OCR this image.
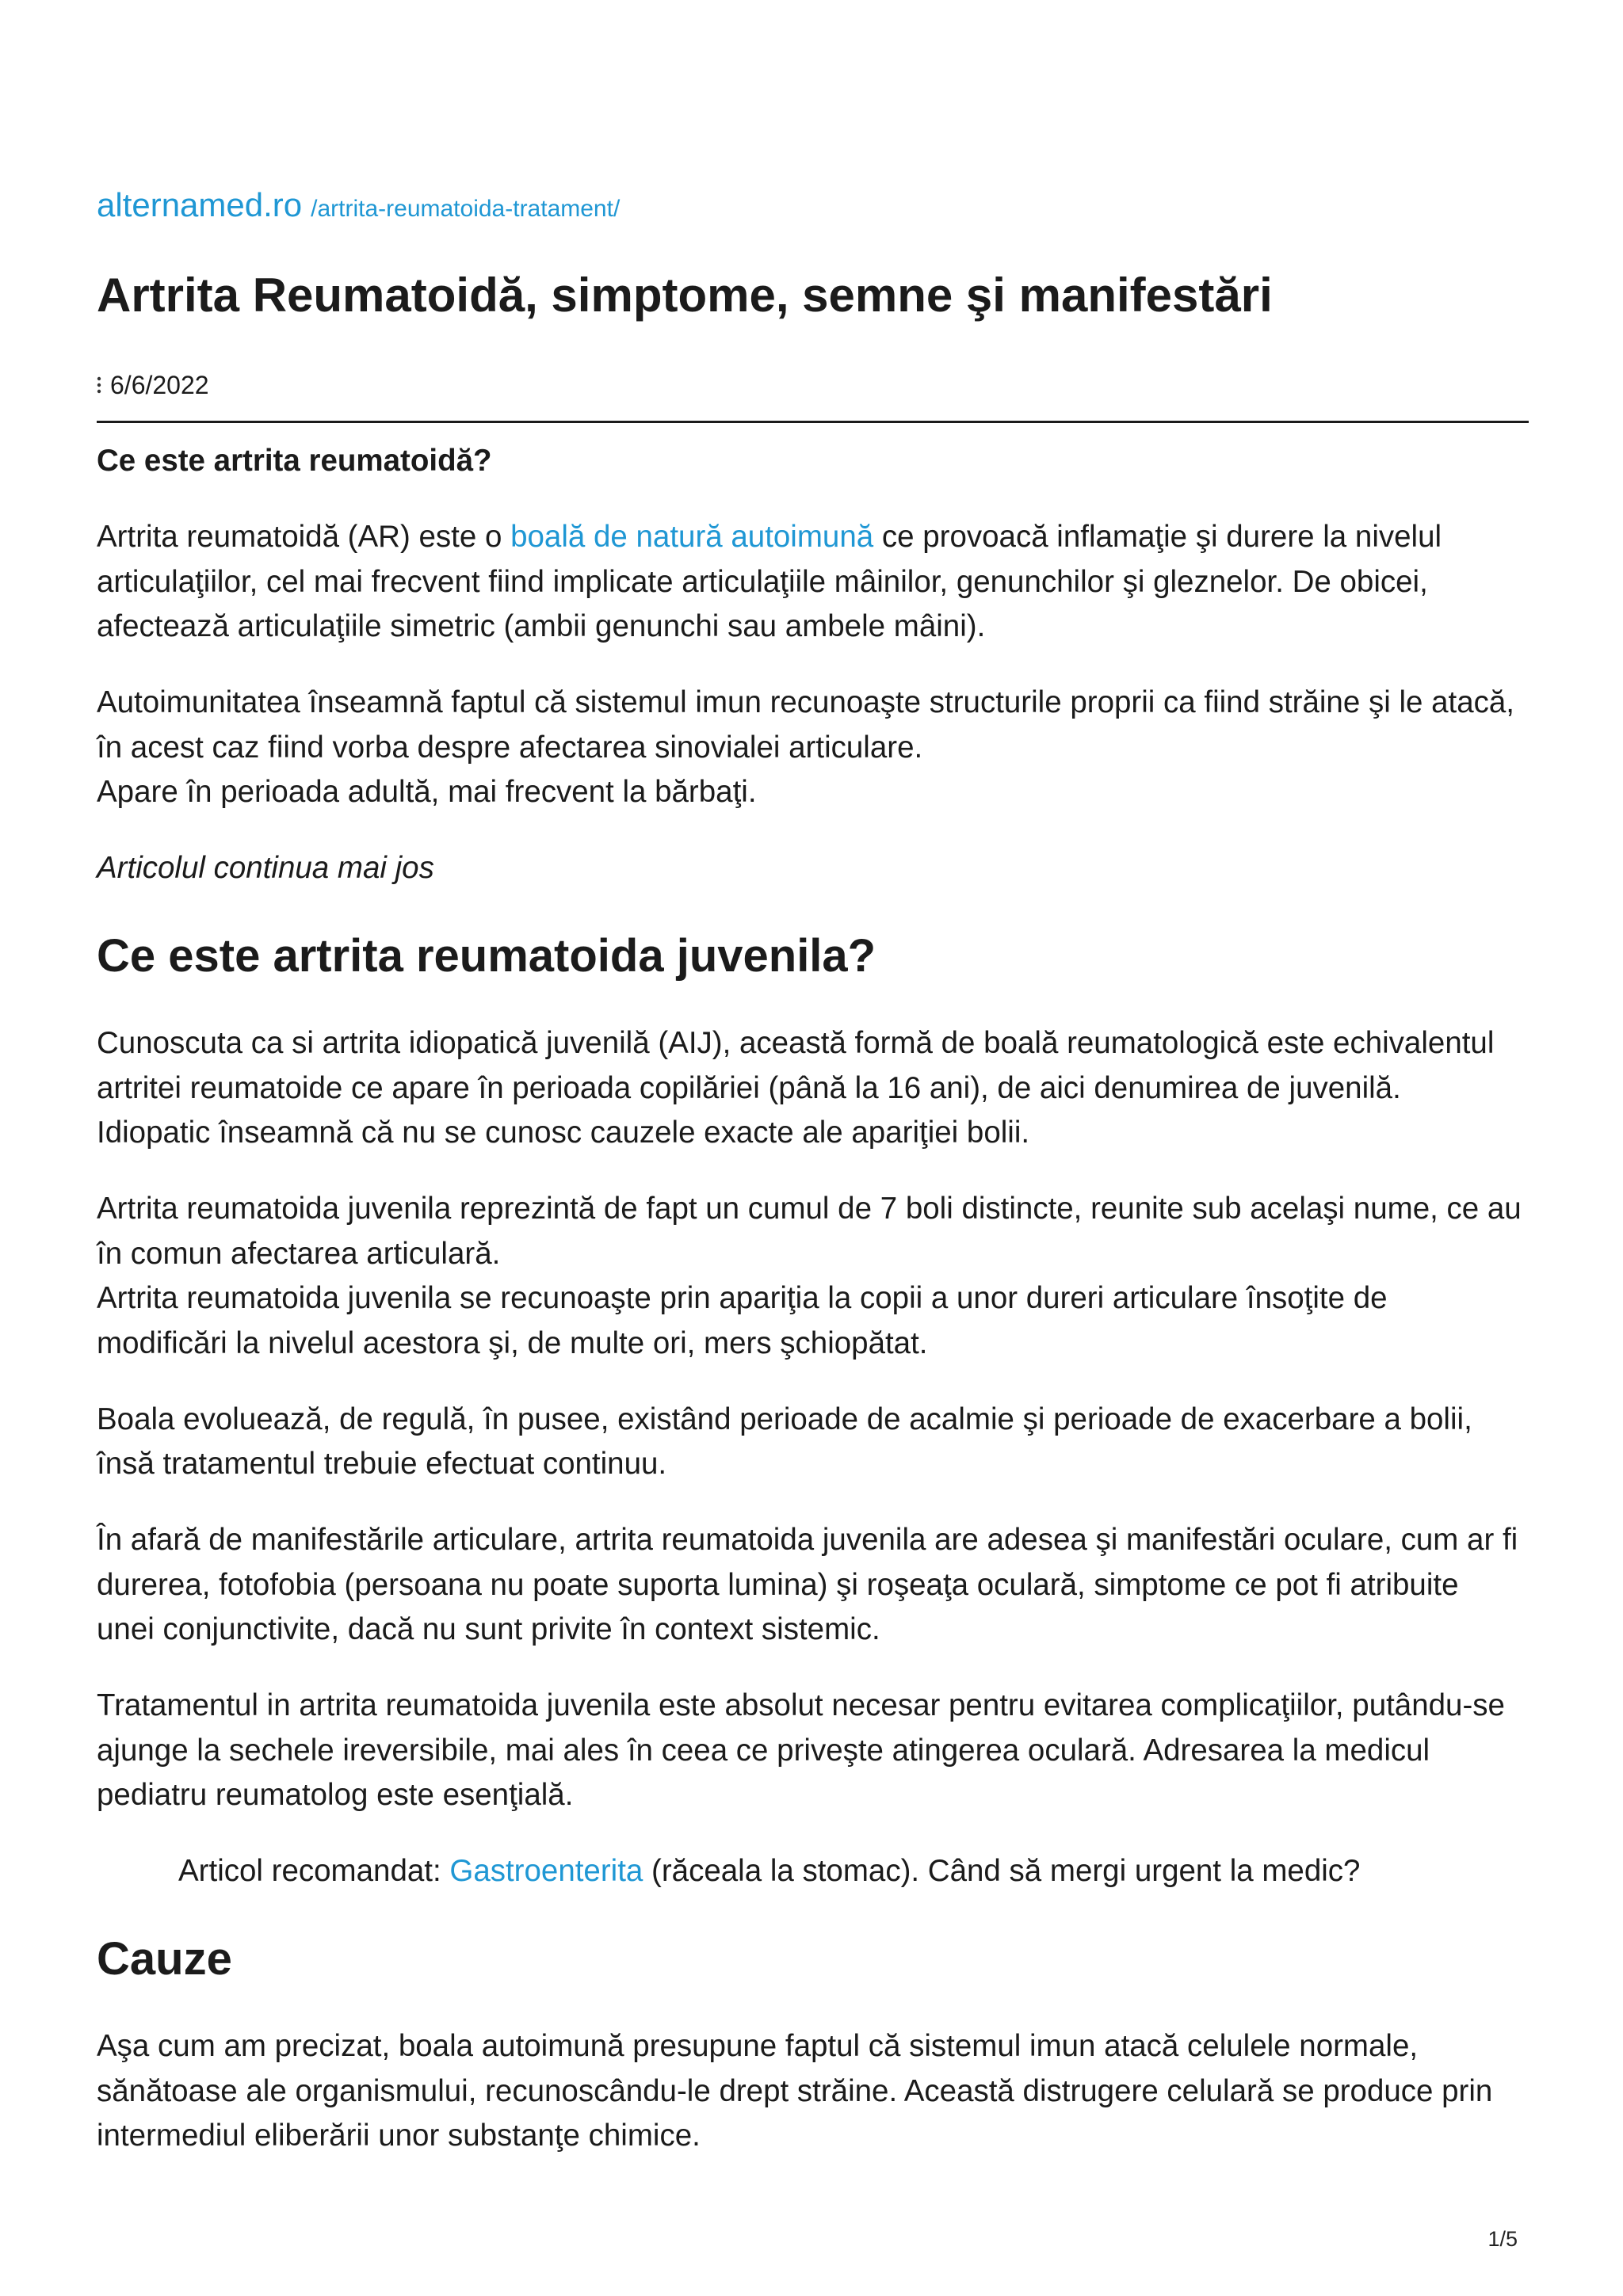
alternamed.ro /artrita-reumatoida-tratament/
Artrita Reumatoidă, simptome, semne şi manifestări
6/6/2022
Ce este artrita reumatoidă?
Artrita reumatoidă (AR) este o boală de natură autoimună ce provoacă inflamaţie şi durere la nivelul
articulaţiilor, cel mai frecvent fiind implicate articulaţiile mâinilor, genunchilor şi gleznelor. De obicei,
afectează articulaţiile simetric (ambii genunchi sau ambele mâini).
Autoimunitatea înseamnă faptul că sistemul imun recunoaşte structurile proprii ca fiind străine şi le atacă,
în acest caz fiind vorba despre afectarea sinovialei articulare.
Apare în perioada adultă, mai frecvent la bărbaţi.
Articolul continua mai jos
Ce este artrita reumatoida juvenila?
Cunoscuta ca si artrita idiopatică juvenilă (AIJ), această formă de boală reumatologică este echivalentul
artritei reumatoide ce apare în perioada copilăriei (până la 16 ani), de aici denumirea de juvenilă.
Idiopatic înseamnă că nu se cunosc cauzele exacte ale apariţiei bolii.
Artrita reumatoida juvenila reprezintă de fapt un cumul de 7 boli distincte, reunite sub acelaşi nume, ce au
în comun afectarea articulară.
Artrita reumatoida juvenila se recunoaşte prin apariţia la copii a unor dureri articulare însoţite de
modificări la nivelul acestora şi, de multe ori, mers şchiopătat.
Boala evoluează, de regulă, în pusee, existând perioade de acalmie şi perioade de exacerbare a bolii,
însă tratamentul trebuie efectuat continuu.
În afară de manifestările articulare, artrita reumatoida juvenila are adesea şi manifestări oculare, cum ar fi
durerea, fotofobia (persoana nu poate suporta lumina) şi roşeaţa oculară, simptome ce pot fi atribuite
unei conjunctivite, dacă nu sunt privite în context sistemic.
Tratamentul in artrita reumatoida juvenila este absolut necesar pentru evitarea complicaţiilor, putându-se
ajunge la sechele ireversibile, mai ales în ceea ce priveşte atingerea oculară. Adresarea la medicul
pediatru reumatolog este esenţială.
Articol recomandat: Gastroenterita (răceala la stomac). Când să mergi urgent la medic?
Cauze
Aşa cum am precizat, boala autoimună presupune faptul că sistemul imun atacă celulele normale,
sănătoase ale organismului, recunoscându-le drept străine. Această distrugere celulară se produce prin
intermediul eliberării unor substanţe chimice.
1/5
